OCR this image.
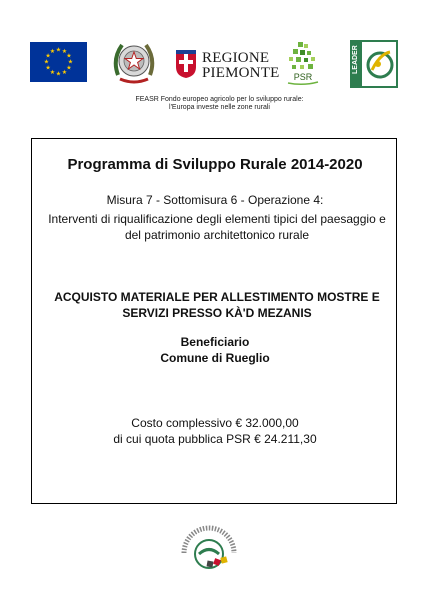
★ ★
★
★
★
★
★
★
★
★
★
★	REGIONE
PIEMONTE PSR
LEADER
FEASR Fondo europeo agricolo per lo sviluppo rurale:
l'Europa investe nelle zone rurali
Programma di Sviluppo Rurale 2014-2020
Misura 7 - Sottomisura 6 - Operazione 4:
Interventi di riqualificazione degli elementi tipici del paesaggio e del patrimonio architettonico rurale
ACQUISTO MATERIALE PER ALLESTIMENTO MOSTRE E SERVIZI PRESSO KÀ'D MEZANIS
Beneficiario
Comune di Rueglio
Costo complessivo € 32.000,00
di cui quota pubblica PSR € 24.211,30
